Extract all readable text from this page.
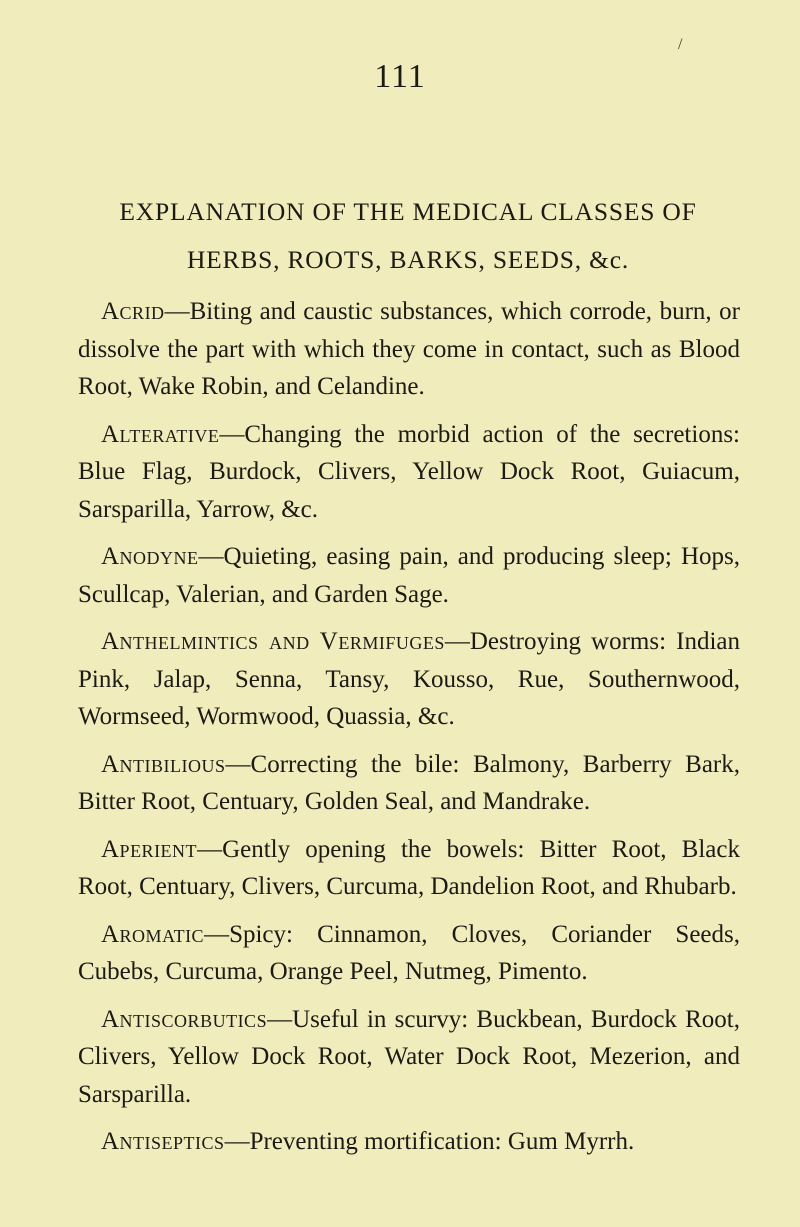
/
111
EXPLANATION OF THE MEDICAL CLASSES OF HERBS, ROOTS, BARKS, SEEDS, &c.

Acrid—Biting and caustic substances, which corrode, burn, or dissolve the part with which they come in contact, such as Blood Root, Wake Robin, and Celandine.

Alterative—Changing the morbid action of the secretions: Blue Flag, Burdock, Clivers, Yellow Dock Root, Guiacum, Sarsparilla, Yarrow, &c.

Anodyne—Quieting, easing pain, and producing sleep; Hops, Scullcap, Valerian, and Garden Sage.

Anthelmintics and Vermifuges—Destroying worms: Indian Pink, Jalap, Senna, Tansy, Kousso, Rue, Southernwood, Wormseed, Wormwood, Quassia, &c.

Antibilious—Correcting the bile: Balmony, Barberry Bark, Bitter Root, Centuary, Golden Seal, and Mandrake.

Aperient—Gently opening the bowels: Bitter Root, Black Root, Centuary, Clivers, Curcuma, Dandelion Root, and Rhubarb.

Aromatic—Spicy: Cinnamon, Cloves, Coriander Seeds, Cubebs, Curcuma, Orange Peel, Nutmeg, Pimento.

Antiscorbutics—Useful in scurvy: Buckbean, Burdock Root, Clivers, Yellow Dock Root, Water Dock Root, Mezerion, and Sarsparilla.

Antiseptics—Preventing mortification: Gum Myrrh.
